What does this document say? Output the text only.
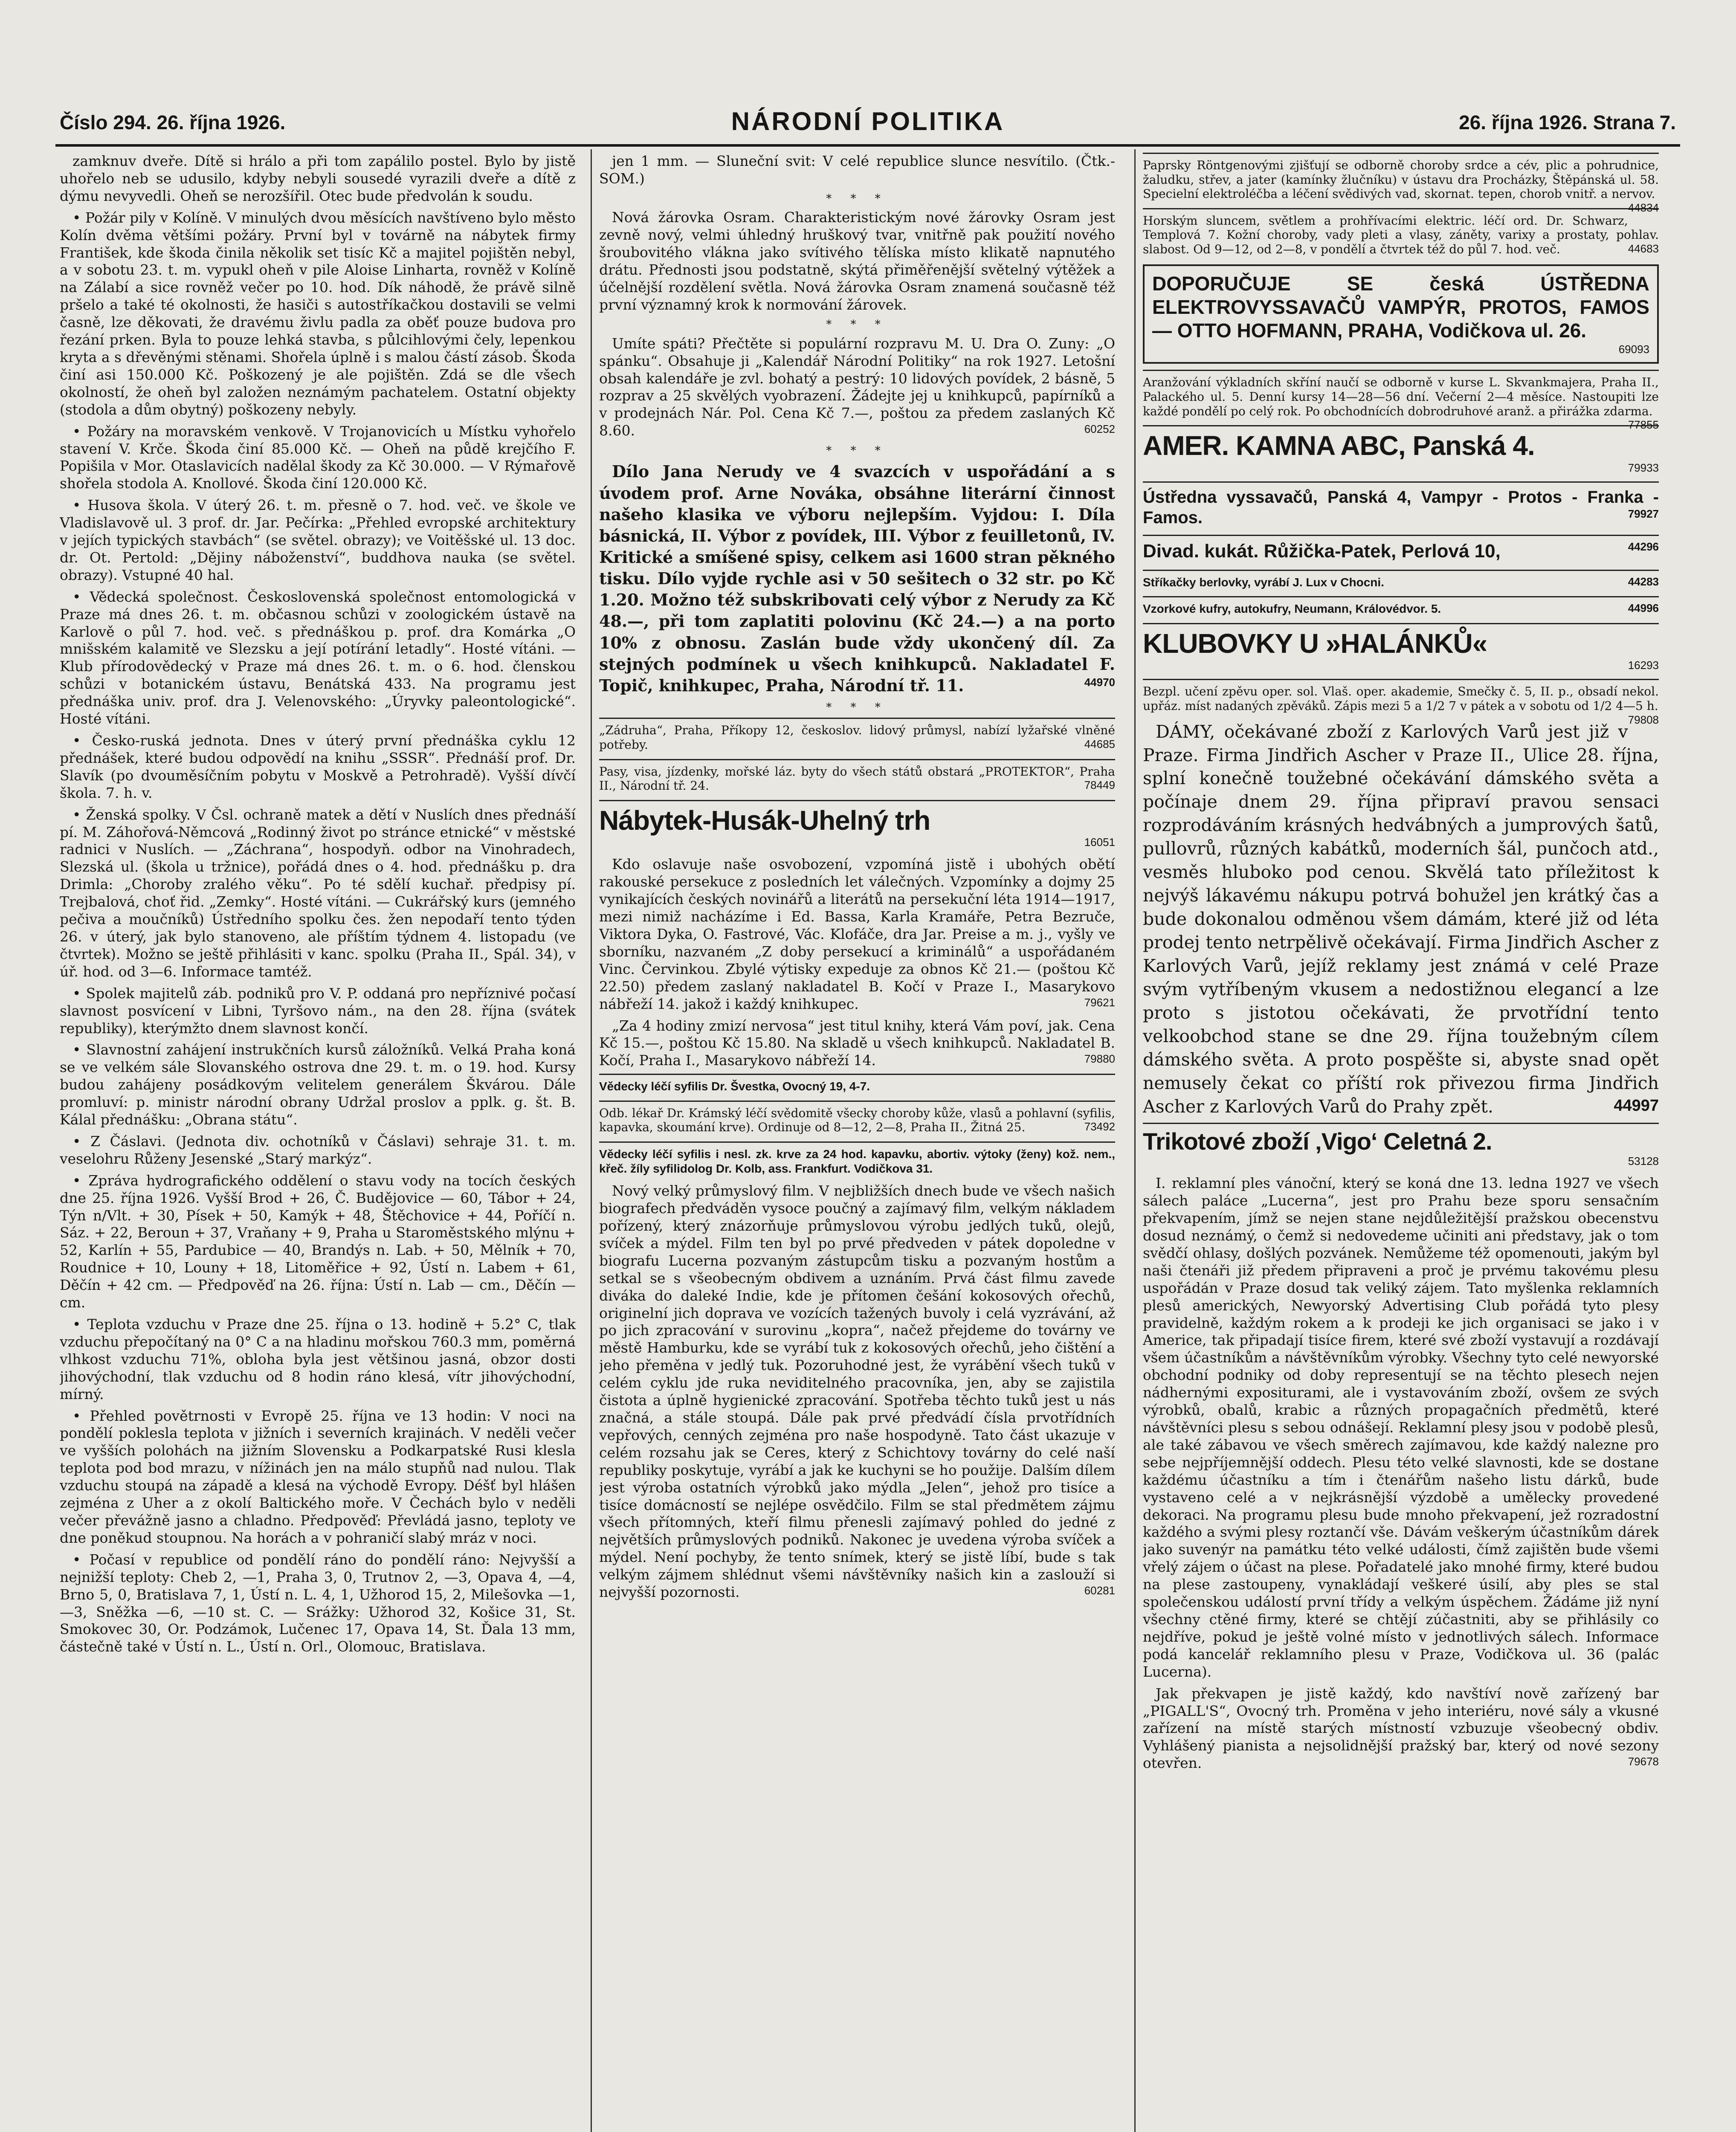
Číslo 294. 26. října 1926.	NÁRODNÍ POLITIKA	26. října 1926. Strana 7.

zamknuv dveře. Dítě si hrálo a při tom zapálilo postel. Bylo by jistě uhořelo neb se udusilo, kdyby nebyli sousedé vyrazili dveře a dítě z dýmu nevyvedli. Oheň se nerozšířil. Otec bude předvolán k soudu.

• Požár pily v Kolíně. V minulých dvou měsících navštíveno bylo město Kolín dvěma většími požáry. První byl v továrně na nábytek firmy František, kde škoda činila několik set tisíc Kč a majitel pojištěn nebyl, a v sobotu 23. t. m. vypukl oheň v pile Aloise Linharta, rovněž v Kolíně na Zálabí a sice rovněž večer po 10. hod. Dík náhodě, že právě silně pršelo a také té okolnosti, že hasiči s autostříkačkou dostavili se velmi časně, lze děkovati, že dravému živlu padla za oběť pouze budova pro řezání prken. Byla to pouze lehká stavba, s půlcihlovými čely, lepenkou kryta a s dřevěnými stěnami. Shořela úplně i s malou částí zásob. Škoda činí asi 150.000 Kč. Poškozený je ale pojištěn. Zdá se dle všech okolností, že oheň byl založen neznámým pachatelem. Ostatní objekty (stodola a dům obytný) poškozeny nebyly.

• Požáry na moravském venkově. V Trojanovicích u Místku vyhořelo stavení V. Krče. Škoda činí 85.000 Kč. — Oheň na půdě krejčího F. Popišila v Mor. Otaslavicích nadělal škody za Kč 30.000. — V Rýmařově shořela stodola A. Knollové. Škoda činí 120.000 Kč.

• Husova škola. V úterý 26. t. m. přesně o 7. hod. več. ve škole ve Vladislavově ul. 3 prof. dr. Jar. Pečírka: „Přehled evropské architektury v jejích typických stavbách“ (se světel. obrazy); ve Voitěšské ul. 13 doc. dr. Ot. Pertold: „Dějiny náboženství“, buddhova nauka (se světel. obrazy). Vstupné 40 hal.

• Vědecká společnost. Československá společnost entomologická v Praze má dnes 26. t. m. občasnou schůzi v zoologickém ústavě na Karlově o půl 7. hod. več. s přednáškou p. prof. dra Komárka „O mnišském kalamitě ve Slezsku a její potírání letadly“. Hosté vítáni. — Klub přírodovědecký v Praze má dnes 26. t. m. o 6. hod. členskou schůzi v botanickém ústavu, Benátská 433. Na programu jest přednáška univ. prof. dra J. Velenovského: „Úryvky paleontologické“. Hosté vítáni.

• Česko-ruská jednota. Dnes v úterý první přednáška cyklu 12 přednášek, které budou odpovědí na knihu „SSSR“. Přednáší prof. Dr. Slavík (po dvouměsíčním pobytu v Moskvě a Petrohradě). Vyšší dívčí škola. 7. h. v.

• Ženská spolky. V Čsl. ochraně matek a dětí v Nuslích dnes přednáší pí. M. Záhořová-Němcová „Rodinný život po stránce etnické“ v městské radnici v Nuslích. — „Záchrana“, hospodyň. odbor na Vinohradech, Slezská ul. (škola u tržnice), pořádá dnes o 4. hod. přednášku p. dra Drimla: „Choroby zralého věku“. Po té sdělí kuchař. předpisy pí. Trejbalová, choť řid. „Zemky“. Hosté vítáni. — Cukrářský kurs (jemného pečiva a moučníků) Ústředního spolku čes. žen nepodaří tento týden 26. v úterý, jak bylo stanoveno, ale příštím týdnem 4. listopadu (ve čtvrtek). Možno se ještě přihlásiti v kanc. spolku (Praha II., Spál. 34), v úř. hod. od 3—6. Informace tamtéž.

• Spolek majitelů záb. podniků pro V. P. oddaná pro nepříznivé počasí slavnost posvícení v Libni, Tyršovo nám., na den 28. října (svátek republiky), kterýmžto dnem slavnost končí.

• Slavnostní zahájení instrukčních kursů záložníků. Velká Praha koná se ve velkém sále Slovanského ostrova dne 29. t. m. o 19. hod. Kursy budou zahájeny posádkovým velitelem generálem Škvárou. Dále promluví: p. ministr národní obrany Udržal proslov a pplk. g. št. B. Kálal přednášku: „Obrana státu“.

• Z Čáslavi. (Jednota div. ochotníků v Čáslavi) sehraje 31. t. m. veselohru Růženy Jesenské „Starý markýz“.

• Zpráva hydrografického oddělení o stavu vody na tocích českých dne 25. října 1926. Vyšší Brod + 26, Č. Budějovice — 60, Tábor + 24, Týn n/Vlt. + 30, Písek + 50, Kamýk + 48, Štěchovice + 44, Poříčí n. Sáz. + 22, Beroun + 37, Vraňany + 9, Praha u Staroměstského mlýnu + 52, Karlín + 55, Pardubice — 40, Brandýs n. Lab. + 50, Mělník + 70, Roudnice + 10, Louny + 18, Litoměřice + 92, Ústí n. Labem + 61, Děčín + 42 cm. — Předpověď na 26. října: Ústí n. Lab — cm., Děčín — cm.

• Teplota vzduchu v Praze dne 25. října o 13. hodině + 5.2° C, tlak vzduchu přepočítaný na 0° C a na hladinu mořskou 760.3 mm, poměrná vlhkost vzduchu 71%, obloha byla jest většinou jasná, obzor dosti jihovýchodní, tlak vzduchu od 8 hodin ráno klesá, vítr jihovýchodní, mírný.

• Přehled povětrnosti v Evropě 25. října ve 13 hodin: V noci na pondělí poklesla teplota v jižních i severních krajinách. V neděli večer ve vyšších polohách na jižním Slovensku a Podkarpatské Rusi klesla teplota pod bod mrazu, v nížinách jen na málo stupňů nad nulou. Tlak vzduchu stoupá na západě a klesá na východě Evropy. Déšť byl hlášen zejména z Uher a z okolí Baltického moře. V Čechách bylo v neděli večer převážně jasno a chladno. Předpověď: Převládá jasno, teploty ve dne poněkud stoupnou. Na horách a v pohraničí slabý mráz v noci.

• Počasí v republice od pondělí ráno do pondělí ráno: Nejvyšší a nejnižší teploty: Cheb 2, —1, Praha 3, 0, Trutnov 2, —3, Opava 4, —4, Brno 5, 0, Bratislava 7, 1, Ústí n. L. 4, 1, Užhorod 15, 2, Milešovka —1, —3, Sněžka —6, —10 st. C. — Srážky: Užhorod 32, Košice 31, St. Smokovec 30, Or. Podzámok, Lučenec 17, Opava 14, St. Ďala 13 mm, částečně také v Ústí n. L., Ústí n. Orl., Olomouc, Bratislava.

jen 1 mm. — Sluneční svit: V celé republice slunce nesvítilo. (Čtk.-SOM.)

* * *

Nová žárovka Osram. Charakteristickým nové žárovky Osram jest zevně nový, velmi úhledný hruškový tvar, vnitřně pak použití nového šroubovitého vlákna jako svítivého tělíska místo klikatě napnutého drátu. Přednosti jsou podstatně, skýtá přiměřenější světelný výtěžek a účelnější rozdělení světla. Nová žárovka Osram znamená současně též první významný krok k normování žárovek.

* * *

Umíte spáti? Přečtěte si populární rozpravu M. U. Dra O. Zuny: „O spánku“. Obsahuje ji „Kalendář Národní Politiky“ na rok 1927. Letošní obsah kalendáře je zvl. bohatý a pestrý: 10 lidových povídek, 2 básně, 5 rozprav a 25 skvělých vyobrazení. Žádejte jej u knihkupců, papírníků a v prodejnách Nár. Pol. Cena Kč 7.—, poštou za předem zaslaných Kč 8.60.	60252

* * *

Dílo Jana Nerudy ve 4 svazcích v uspořádání a s úvodem prof. Arne Nováka, obsáhne literární činnost našeho klasika ve výboru nejlepším. Vyjdou: I. Díla básnická, II. Výbor z povídek, III. Výbor z feuilletonů, IV. Kritické a smíšené spisy, celkem asi 1600 stran pěkného tisku. Dílo vyjde rychle asi v 50 sešitech o 32 str. po Kč 1.20. Možno též subskribovati celý výbor z Nerudy za Kč 48.—, při tom zaplatiti polovinu (Kč 24.—) a na porto 10% z obnosu. Zaslán bude vždy ukončený díl. Za stejných podmínek u všech knihkupců. Nakladatel F. Topič, knihkupec, Praha, Národní tř. 11.	44970

* * *
„Zádruha“, Praha, Příkopy 12, českoslov. lidový průmysl, nabízí lyžařské vlněné potřeby.	44685
Pasy, visa, jízdenky, mořské láz. byty do všech států obstará „PROTEKTOR“, Praha II., Národní tř. 24.	78449
Nábytek-Husák-Uhelný trh
16051

Kdo oslavuje naše osvobození, vzpomíná jistě i ubohých obětí rakouské persekuce z posledních let válečných. Vzpomínky a dojmy 25 vynikajících českých novinářů a literátů na persekuční léta 1914—1917, mezi nimiž nacházíme i Ed. Bassa, Karla Kramáře, Petra Bezruče, Viktora Dyka, O. Fastrové, Vác. Klofáče, dra Jar. Preise a m. j., vyšly ve sborníku, nazvaném „Z doby persekucí a kriminálů“ a uspořádaném Vinc. Červinkou. Zbylé výtisky expeduje za obnos Kč 21.— (poštou Kč 22.50) předem zaslaný nakladatel B. Kočí v Praze I., Masarykovo nábřeží 14. jakož i každý knihkupec.	79621

„Za 4 hodiny zmizí nervosa“ jest titul knihy, která Vám poví, jak. Cena Kč 15.—, poštou Kč 15.80. Na skladě u všech knihkupců. Nakladatel B. Kočí, Praha I., Masarykovo nábřeží 14.	79880

Vědecky léčí syfilis Dr. Švestka, Ovocný 19, 4-7.
Odb. lékař Dr. Krámský léčí svědomitě všecky choroby kůže, vlasů a pohlavní (syfilis, kapavka, skoumání krve). Ordinuje od 8—12, 2—8, Praha II., Žitná 25.	73492
Vědecky léčí syfilis i nesl. zk. krve za 24 hod. kapavku, abortiv. výtoky (ženy) kož. nem., křeč. žíly syfilidolog Dr. Kolb, ass. Frankfurt. Vodičkova 31.

Nový velký průmyslový film. V nejbližších dnech bude ve všech našich biografech předváděn vysoce poučný a zajímavý film, velkým nákladem pořízený, který znázorňuje průmyslovou výrobu jedlých tuků, olejů, svíček a mýdel. Film ten byl po prvé předveden v pátek dopoledne v biografu Lucerna pozvaným zástupcům tisku a pozvaným hostům a setkal se s všeobecným obdivem a uznáním. Prvá část filmu zavede diváka do daleké Indie, kde je přítomen češání kokosových ořechů, originelní jich doprava ve vozících tažených buvoly i celá vyzrávání, až po jich zpracování v surovinu „kopra“, načež přejdeme do továrny ve městě Hamburku, kde se vyrábí tuk z kokosových ořechů, jeho čištění a jeho přeměna v jedlý tuk. Pozoruhodné jest, že vyrábění všech tuků v celém cyklu jde ruka neviditelného pracovníka, jen, aby se zajistila čistota a úplně hygienické zpracování. Spotřeba těchto tuků jest u nás značná, a stále stoupá. Dále pak prvé předvádí čísla prvotřídních vepřových, cenných zejména pro naše hospodyně. Tato část ukazuje v celém rozsahu jak se Ceres, který z Schichtovy továrny do celé naší republiky poskytuje, vyrábí a jak ke kuchyni se ho použije. Dalším dílem jest výroba ostatních výrobků jako mýdla „Jelen“, jehož pro tisíce a tisíce domácností se nejlépe osvědčilo. Film se stal předmětem zájmu všech přítomných, kteří filmu přenesli zajímavý pohled do jedné z největších průmyslových podniků. Nakonec je uvedena výroba svíček a mýdel. Není pochyby, že tento snímek, který se jistě líbí, bude s tak velkým zájmem shlédnut všemi návštěvníky našich kin a zaslouží si nejvyšší pozornosti.	60281

Paprsky Röntgenovými zjišťují se odborně choroby srdce a cév, plic a pohrudnice, žaludku, střev, a jater (kamínky žlučníku) v ústavu dra Procházky, Štěpánská ul. 58. Specielní elektroléčba a léčení svědivých vad, skornat. tepen, chorob vnitř. a nervov.
44834
Horským sluncem, světlem a prohřívacími elektric. léčí ord. Dr. Schwarz, Templová 7. Kožní choroby, vady pleti a vlasy, záněty, varixy a prostaty, pohlav. slabost. Od 9—12, od 2—8, v pondělí a čtvrtek též do půl 7. hod. več.	44683
DOPORUČUJE SE česká ÚSTŘEDNA ELEKTROVYSSAVAČŮ VAMPÝR, PROTOS, FAMOS — OTTO HOFMANN, PRAHA, Vodičkova ul. 26.
69093
Aranžování výkladních skříní naučí se odborně v kurse L. Skvankmajera, Praha II., Palackého ul. 5. Denní kursy 14—28—56 dní. Večerní 2—4 měsíce. Nastoupiti lze každé pondělí po celý rok. Po obchodnících dobrodruhové aranž. a přirážka zdarma.
77855
AMER. KAMNA ABC, Panská 4.
79933
Ústředna vyssavačů, Panská 4, Vampyr - Protos - Franka - Famos.	79927
Divad. kukát. Růžička-Patek, Perlová 10,	44296
Stříkačky berlovky, vyrábí J. Lux v Chocni.	44283
Vzorkové kufry, autokufry, Neumann, Královédvor. 5.	44996
KLUBOVKY U »HALÁNKŮ«
16293
Bezpl. učení zpěvu oper. sol. Vlaš. oper. akademie, Smečky č. 5, II. p., obsadí nekol. upřáz. míst nadaných zpěváků. Zápis mezi 5 a 1/2 7 v pátek a v sobotu od 1/2 4—5 h.
79808

DÁMY, očekávané zboží z Karlových Varů jest již v Praze. Firma Jindřich Ascher v Praze II., Ulice 28. října, splní konečně toužebné očekávání dámského světa a počínaje dnem 29. října připraví pravou sensaci rozprodáváním krásných hedvábných a jumprových šatů, pullovrů, různých kabátků, moderních šál, punčoch atd., vesměs hluboko pod cenou. Skvělá tato příležitost k nejvýš lákavému nákupu potrvá bohužel jen krátký čas a bude dokonalou odměnou všem dámám, které již od léta prodej tento netrpělivě očekávají. Firma Jindřich Ascher z Karlových Varů, jejíž reklamy jest známá v celé Praze svým vytříbeným vkusem a nedostižnou elegancí a lze proto s jistotou očekávati, že prvotřídní tento velkoobchod stane se dne 29. října toužebným cílem dámského světa. A proto pospěšte si, abyste snad opět nemusely čekat co příští rok přivezou firma Jindřich Ascher z Karlových Varů do Prahy zpět.	44997

Trikotové zboží ‚Vigo‘ Celetná 2.
53128

I. reklamní ples vánoční, který se koná dne 13. ledna 1927 ve všech sálech paláce „Lucerna“, jest pro Prahu beze sporu sensačním překvapením, jímž se nejen stane nejdůležitější pražskou obecenstvu dosud neznámý, o čemž si nedovedeme učiniti ani představy, jak o tom svědčí ohlasy, došlých pozvánek. Nemůžeme též opomenouti, jakým byl naši čtenáři již předem připraveni a proč je prvému takovému plesu uspořádán v Praze dosud tak veliký zájem. Tato myšlenka reklamních plesů amerických, Newyorský Advertising Club pořádá tyto plesy pravidelně, každým rokem a k prodeji ke jich organisaci se jako i v Americe, tak připadají tisíce firem, které své zboží vystavují a rozdávají všem účastníkům a návštěvníkům výrobky. Všechny tyto celé newyorské obchodní podniky od doby representují se na těchto plesech nejen nádhernými expositurami, ale i vystavováním zboží, ovšem ze svých výrobků, obalů, krabic a různých propagačních předmětů, které návštěvníci plesu s sebou odnášejí. Reklamní plesy jsou v podobě plesů, ale také zábavou ve všech směrech zajímavou, kde každý nalezne pro sebe nejpříjemnější oddech. Plesu této velké slavnosti, kde se dostane každému účastníku a tím i čtenářům našeho listu dárků, bude vystaveno celé a v nejkrásnější výzdobě a umělecky provedené dekoraci. Na programu plesu bude mnoho překvapení, jež rozradostní každého a svými plesy roztančí vše. Dávám veškerým účastníkům dárek jako suvenýr na památku této velké události, čímž zajištěn bude všemi vřelý zájem o účast na plese. Pořadatelé jako mnohé firmy, které budou na plese zastoupeny, vynakládají veškeré úsilí, aby ples se stal společenskou událostí první třídy a velkým úspěchem. Žádáme již nyní všechny ctěné firmy, které se chtějí zúčastniti, aby se přihlásily co nejdříve, pokud je ještě volné místo v jednotlivých sálech. Informace podá kancelář reklamního plesu v Praze, Vodičkova ul. 36 (palác Lucerna).

Jak překvapen je jistě každý, kdo navštíví nově zařízený bar „PIGALL'S“, Ovocný trh. Proměna v jeho interiéru, nové sály a vkusné zařízení na místě starých místností vzbuzuje všeobecný obdiv. Vyhlášený pianista a nejsolidnější pražský bar, který od nové sezony otevřen.	79678
